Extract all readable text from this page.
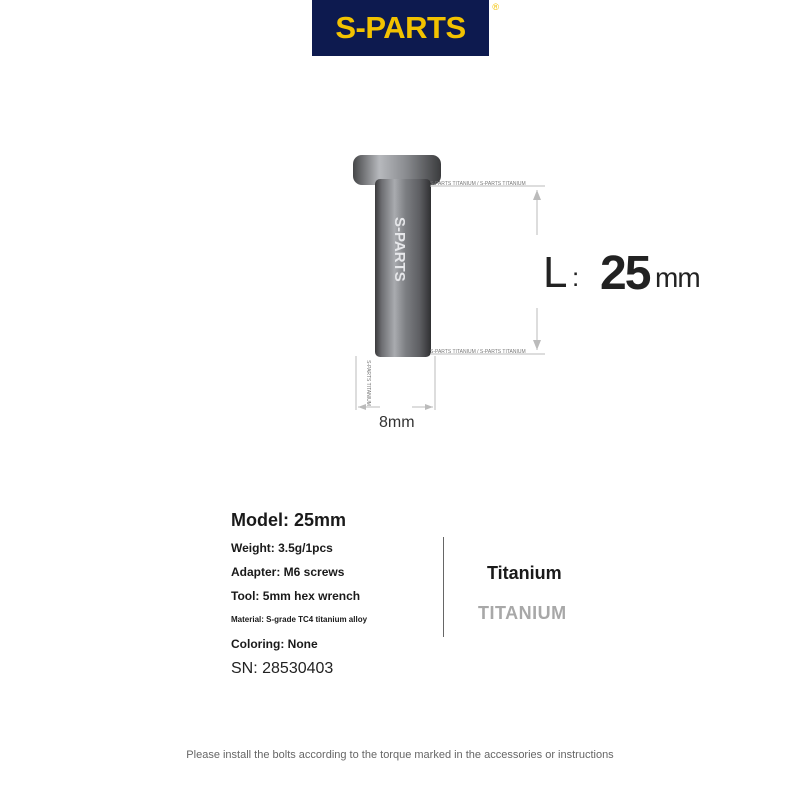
S-PARTS
®
S-PARTS
S-PARTS TITANIUM / S-PARTS TITANIUM
S-PARTS TITANIUM / S-PARTS TITANIUM
S-PARTS TITANIUM
L : 25 mm
8mm
Model: 25mm
Weight: 3.5g/1pcs
Adapter: M6 screws
Tool: 5mm hex wrench
Material: S-grade TC4 titanium alloy
Coloring: None
SN: 28530403
Titanium
TITANIUM
Please install the bolts according to the torque marked in the accessories or instructions
